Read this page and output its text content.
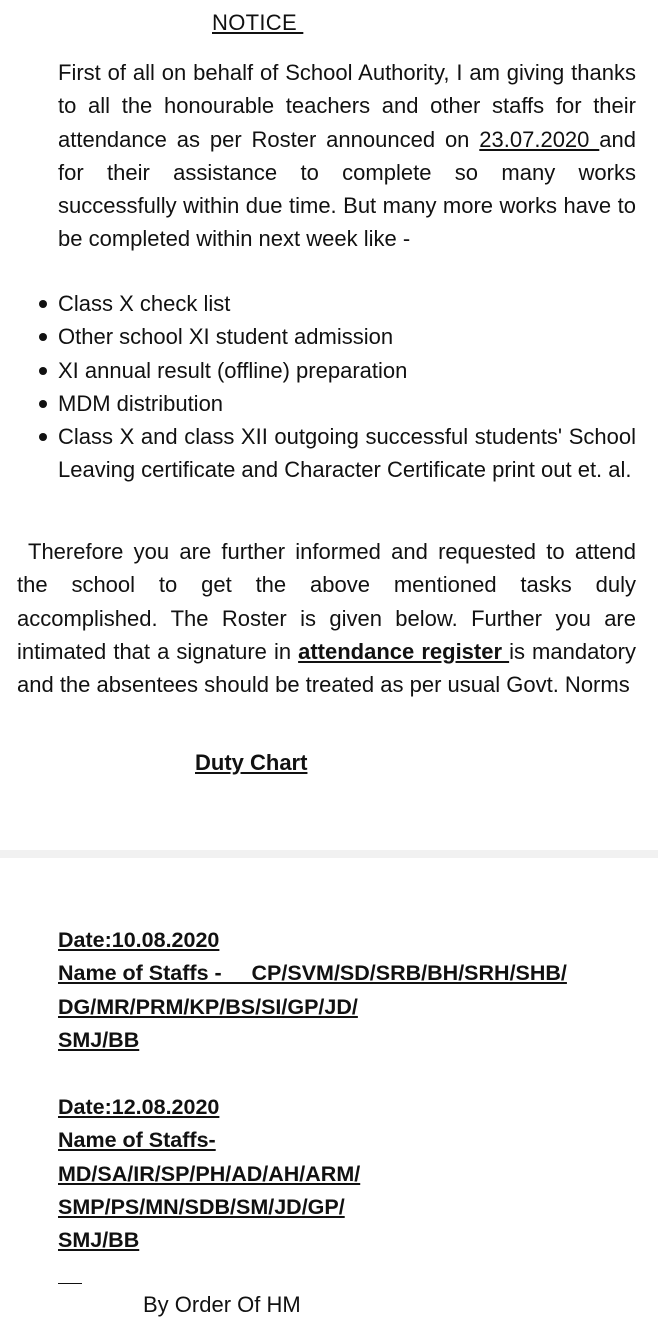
NOTICE

First of all on behalf of School Authority, I am giving thanks to all the honourable teachers and other staffs for their attendance as per Roster announced on 23.07.2020 and for their assistance to complete so many works successfully within due time. But many more works have to be completed within next week like -

Class X check list
Other school XI student admission
XI annual result (offline) preparation
MDM distribution
Class X and class XII outgoing successful students' School Leaving certificate and Character Certificate print out et. al.

Therefore you are further informed and requested to attend the school to get the above mentioned tasks duly accomplished. The Roster is given below. Further you are intimated that a signature in attendance register is mandatory and the absentees should be treated as per usual Govt. Norms

Duty Chart
Date:10.08.2020
Name of Staffs -     CP/SVM/SD/SRB/BH/SRH/SHB/
DG/MR/PRM/KP/BS/SI/GP/JD/
SMJ/BB
Date:12.08.2020
Name of Staffs-
MD/SA/IR/SP/PH/AD/AH/ARM/
SMP/PS/MN/SDB/SM/JD/GP/
SMJ/BB
By Order Of HM
